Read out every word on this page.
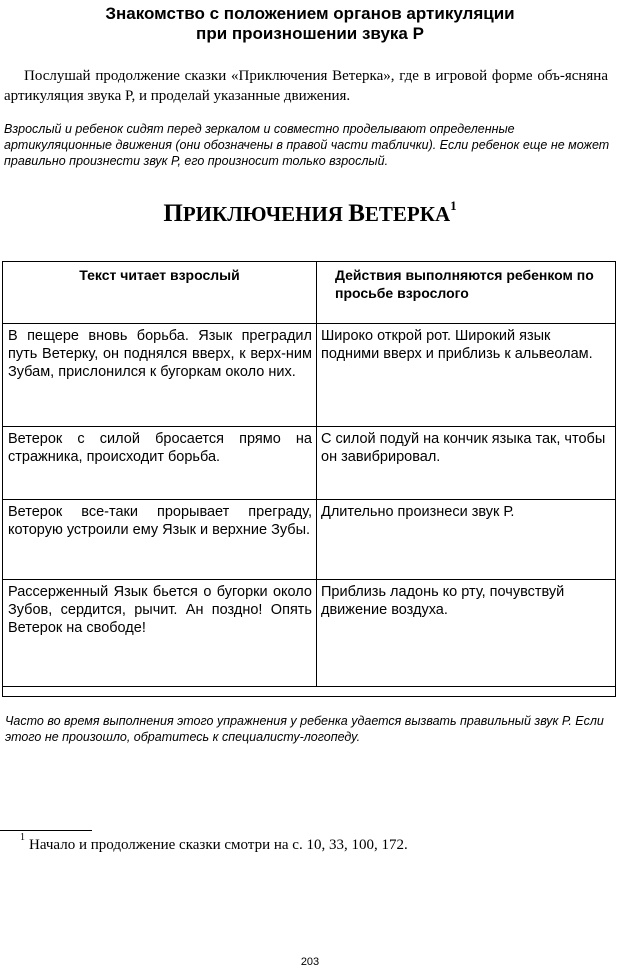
Знакомство с положением органов артикуляции
при произношении звука Р

Послушай продолжение сказки «Приключения Ветерка», где в игровой форме объ-ясняна артикуляция звука Р, и проделай указанные движения.

Взрослый и ребенок сидят перед зеркалом и совместно проделывают определенные артикуляционные движения (они обозначены в правой части таблички). Если ребенок еще не может правильно произнести звук Р, его произносит только взрослый.

ПРИКЛЮЧЕНИЯ ВЕТЕРКА$^1$
Текст читает взрослый	Действия выполняются ребенком по просьбе взрослого
В пещере вновь борьба. Язык преградил путь Ветерку, он поднялся вверх, к верх-ним Зубам, прислонился к бугоркам около них.	Широко открой рот. Широкий язык подними вверх и приблизь к альвеолам.
Ветерок с силой бросается прямо на стражника, происходит борьба.	С силой подуй на кончик языка так, чтобы он завибрировал.
Ветерок все-таки прорывает преграду, которую устроили ему Язык и верхние Зубы.	Длительно произнеси звук Р.
Рассерженный Язык бьется о бугорки около Зубов, сердится, рычит. Ан поздно! Опять Ветерок на свободе!	Приблизь ладонь ко рту, почувствуй движение воздуха.

Часто во время выполнения этого упражнения у ребенка удается вызвать правильный звук Р. Если этого не произошло, обратитесь к специалисту-логопеду.

$^1$ Начало и продолжение сказки смотри на с. 10, 33, 100, 172.
203
